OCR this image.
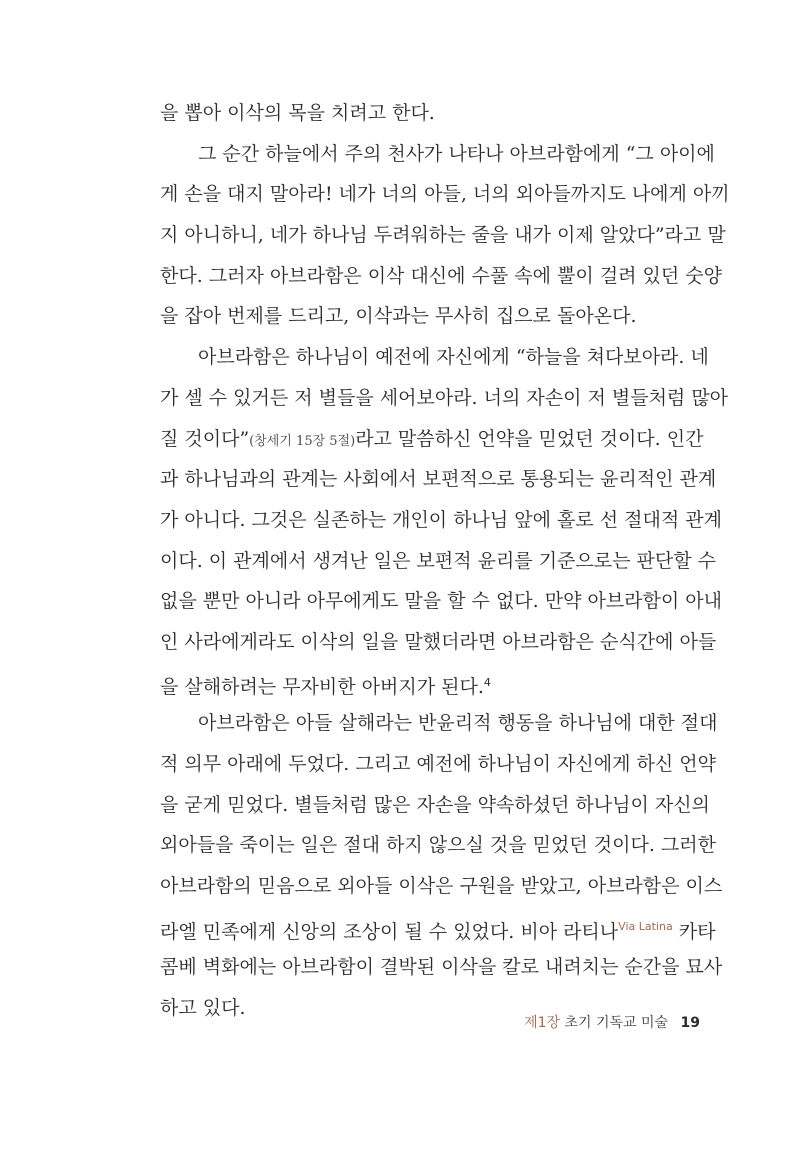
을 뽑아 이삭의 목을 치려고 한다.
그 순간 하늘에서 주의 천사가 나타나 아브라함에게 “그 아이에
게 손을 대지 말아라! 네가 너의 아들, 너의 외아들까지도 나에게 아끼
지 아니하니, 네가 하나님 두려워하는 줄을 내가 이제 알았다”라고 말
한다. 그러자 아브라함은 이삭 대신에 수풀 속에 뿔이 걸려 있던 숫양
을 잡아 번제를 드리고, 이삭과는 무사히 집으로 돌아온다.
아브라함은 하나님이 예전에 자신에게 “하늘을 쳐다보아라. 네
가 셀 수 있거든 저 별들을 세어보아라. 너의 자손이 저 별들처럼 많아
질 것이다”(창세기 15장 5절)라고 말씀하신 언약을 믿었던 것이다. 인간
과 하나님과의 관계는 사회에서 보편적으로 통용되는 윤리적인 관계
가 아니다. 그것은 실존하는 개인이 하나님 앞에 홀로 선 절대적 관계
이다. 이 관계에서 생겨난 일은 보편적 윤리를 기준으로는 판단할 수
없을 뿐만 아니라 아무에게도 말을 할 수 없다. 만약 아브라함이 아내
인 사라에게라도 이삭의 일을 말했더라면 아브라함은 순식간에 아들
을 살해하려는 무자비한 아버지가 된다.$^4$
아브라함은 아들 살해라는 반윤리적 행동을 하나님에 대한 절대
적 의무 아래에 두었다. 그리고 예전에 하나님이 자신에게 하신 언약
을 굳게 믿었다. 별들처럼 많은 자손을 약속하셨던 하나님이 자신의
외아들을 죽이는 일은 절대 하지 않으실 것을 믿었던 것이다. 그러한
아브라함의 믿음으로 외아들 이삭은 구원을 받았고, 아브라함은 이스
라엘 민족에게 신앙의 조상이 될 수 있었다. 비아 라티나$^{Via Latina}$ 카타
콤베 벽화에는 아브라함이 결박된 이삭을 칼로 내려치는 순간을 묘사
하고 있다.
제1장 초기 기독교 미술 19
